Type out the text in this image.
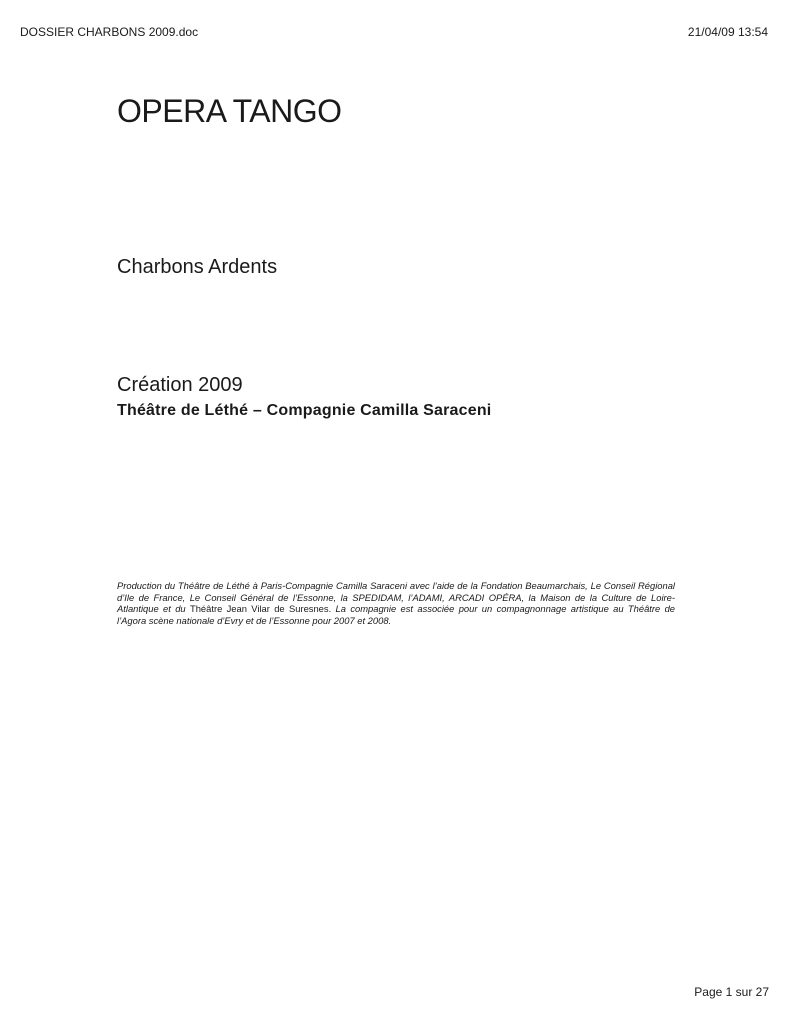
DOSSIER CHARBONS 2009.doc	21/04/09 13:54
OPERA TANGO
Charbons Ardents
Création 2009
Théâtre de Léthé – Compagnie Camilla Saraceni

Production du Théâtre de Léthé à Paris-Compagnie Camilla Saraceni avec l’aide de la Fondation Beaumarchais, Le Conseil Régional d’Ile de France, Le Conseil Général de l’Essonne, la SPEDIDAM, l’ADAMI, ARCADI OPÉRA, la Maison de la Culture de Loire-Atlantique et du Théâtre Jean Vilar de Suresnes. La compagnie est associée pour un compagnonnage artistique au Théâtre de l’Agora scène nationale d’Evry et de l’Essonne pour 2007 et 2008.

Page 1 sur 27
